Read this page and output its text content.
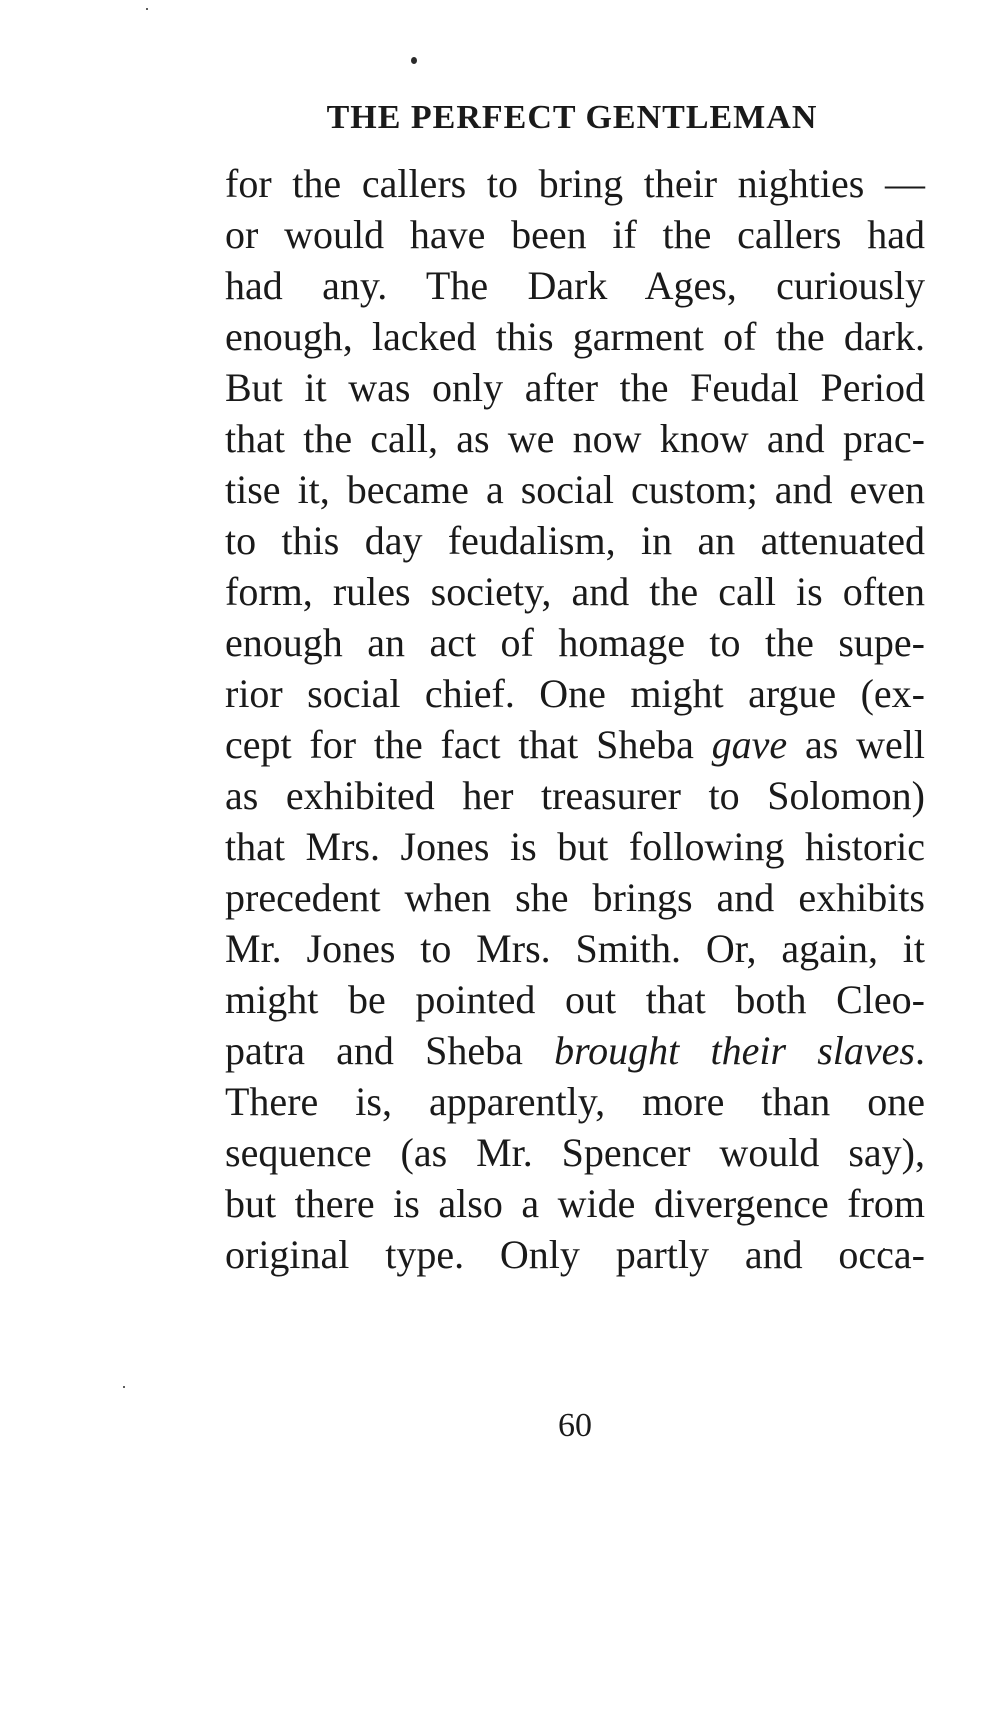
THE PERFECT GENTLEMAN
for the callers to bring their nighties —
or would have been if the callers had
had any. The Dark Ages, curiously
enough, lacked this garment of the dark.
But it was only after the Feudal Period
that the call, as we now know and prac-
tise it, became a social custom; and even
to this day feudalism, in an attenuated
form, rules society, and the call is often
enough an act of homage to the supe-
rior social chief. One might argue (ex-
cept for the fact that Sheba gave as well
as exhibited her treasurer to Solomon)
that Mrs. Jones is but following historic
precedent when she brings and exhibits
Mr. Jones to Mrs. Smith. Or, again, it
might be pointed out that both Cleo-
patra and Sheba brought their slaves.
There is, apparently, more than one
sequence (as Mr. Spencer would say),
but there is also a wide divergence from
original type. Only partly and occa-
60
